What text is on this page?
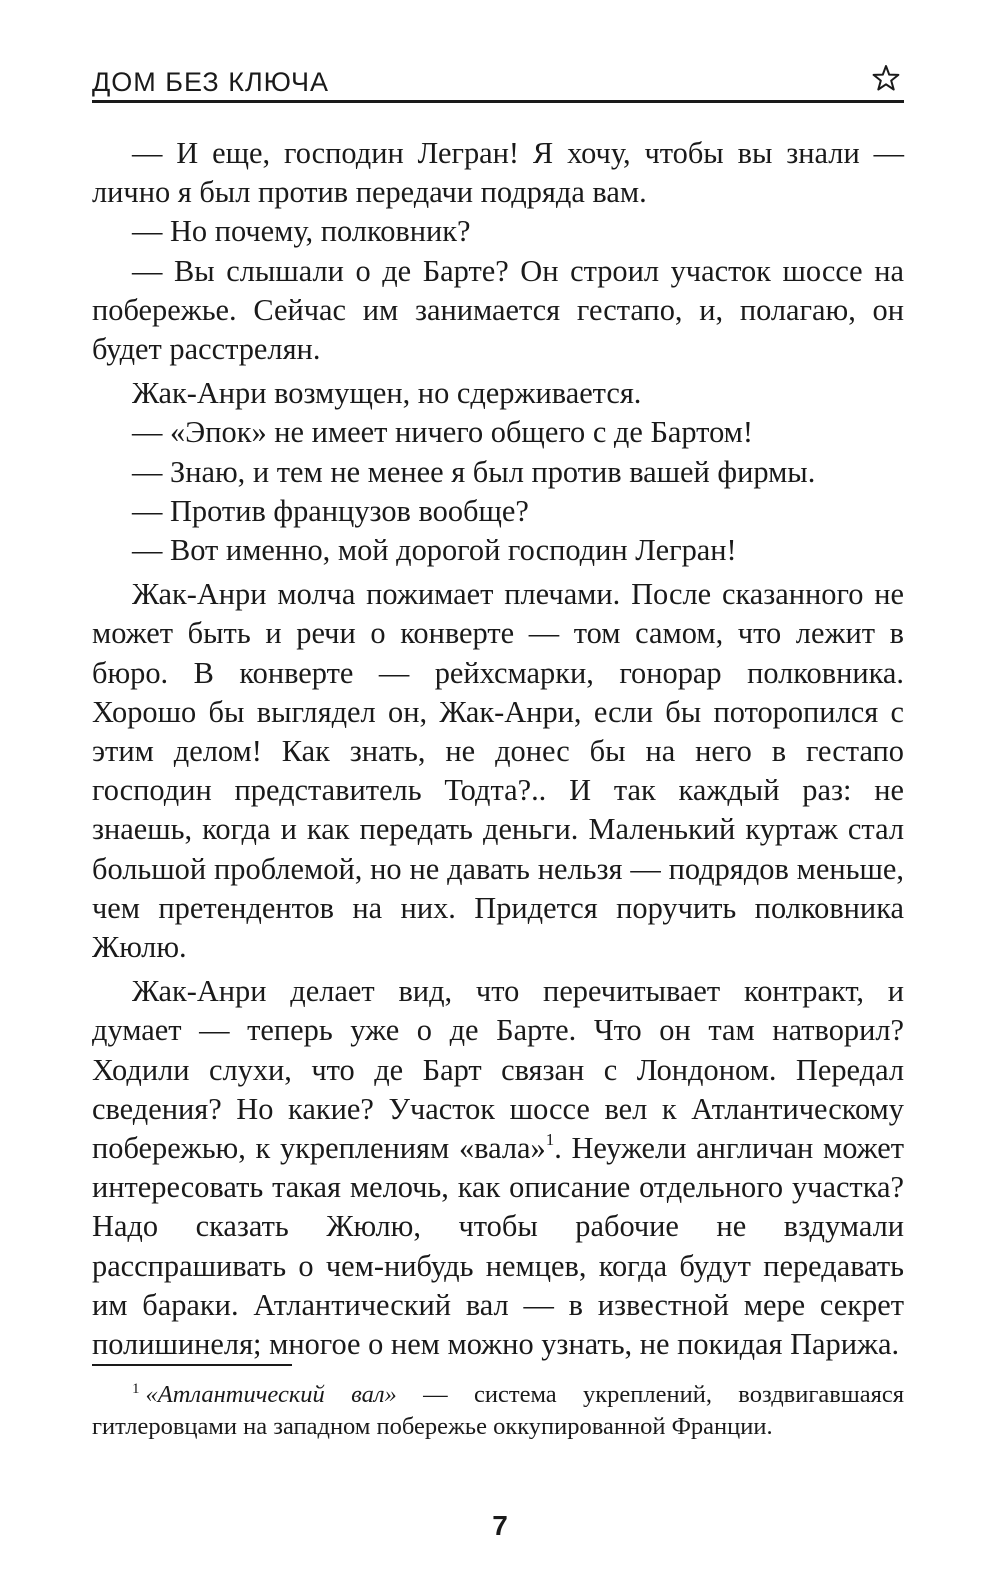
ДОМ БЕЗ КЛЮЧА

— И еще, господин Легран! Я хочу, чтобы вы знали — лично я был против передачи подряда вам.

— Но почему, полковник?

— Вы слышали о де Барте? Он строил участок шоссе на побережье. Сейчас им занимается гестапо, и, полагаю, он будет расстрелян.

Жак-Анри возмущен, но сдерживается.

— «Эпок» не имеет ничего общего с де Бартом!

— Знаю, и тем не менее я был против вашей фирмы.

— Против французов вообще?

— Вот именно, мой дорогой господин Легран!

Жак-Анри молча пожимает плечами. После сказанного не может быть и речи о конверте — том самом, что лежит в бюро. В конверте — рейхсмарки, гонорар полковника. Хорошо бы выглядел он, Жак-Анри, если бы поторопился с этим делом! Как знать, не донес бы на него в гестапо господин представитель Тодта?.. И так каждый раз: не знаешь, когда и как передать деньги. Маленький куртаж стал большой проблемой, но не давать нельзя — подрядов меньше, чем претендентов на них. Придется поручить полковника Жюлю.

Жак-Анри делает вид, что перечитывает контракт, и думает — теперь уже о де Барте. Что он там натворил? Ходили слухи, что де Барт связан с Лондоном. Передал сведения? Но какие? Участок шоссе вел к Атлантическому побережью, к укреплениям «вала»$^1$. Неужели англичан может интересовать такая мелочь, как описание отдельного участка? Надо сказать Жюлю, чтобы рабочие не вздумали расспрашивать о чем-нибудь немцев, когда будут передавать им бараки. Атлантический вал — в известной мере секрет полишинеля; многое о нем можно узнать, не покидая Парижа.

$^1$ «Атлантический вал» — система укреплений, воздвигавшаяся гитлеровцами на западном побережье оккупированной Франции.

7
